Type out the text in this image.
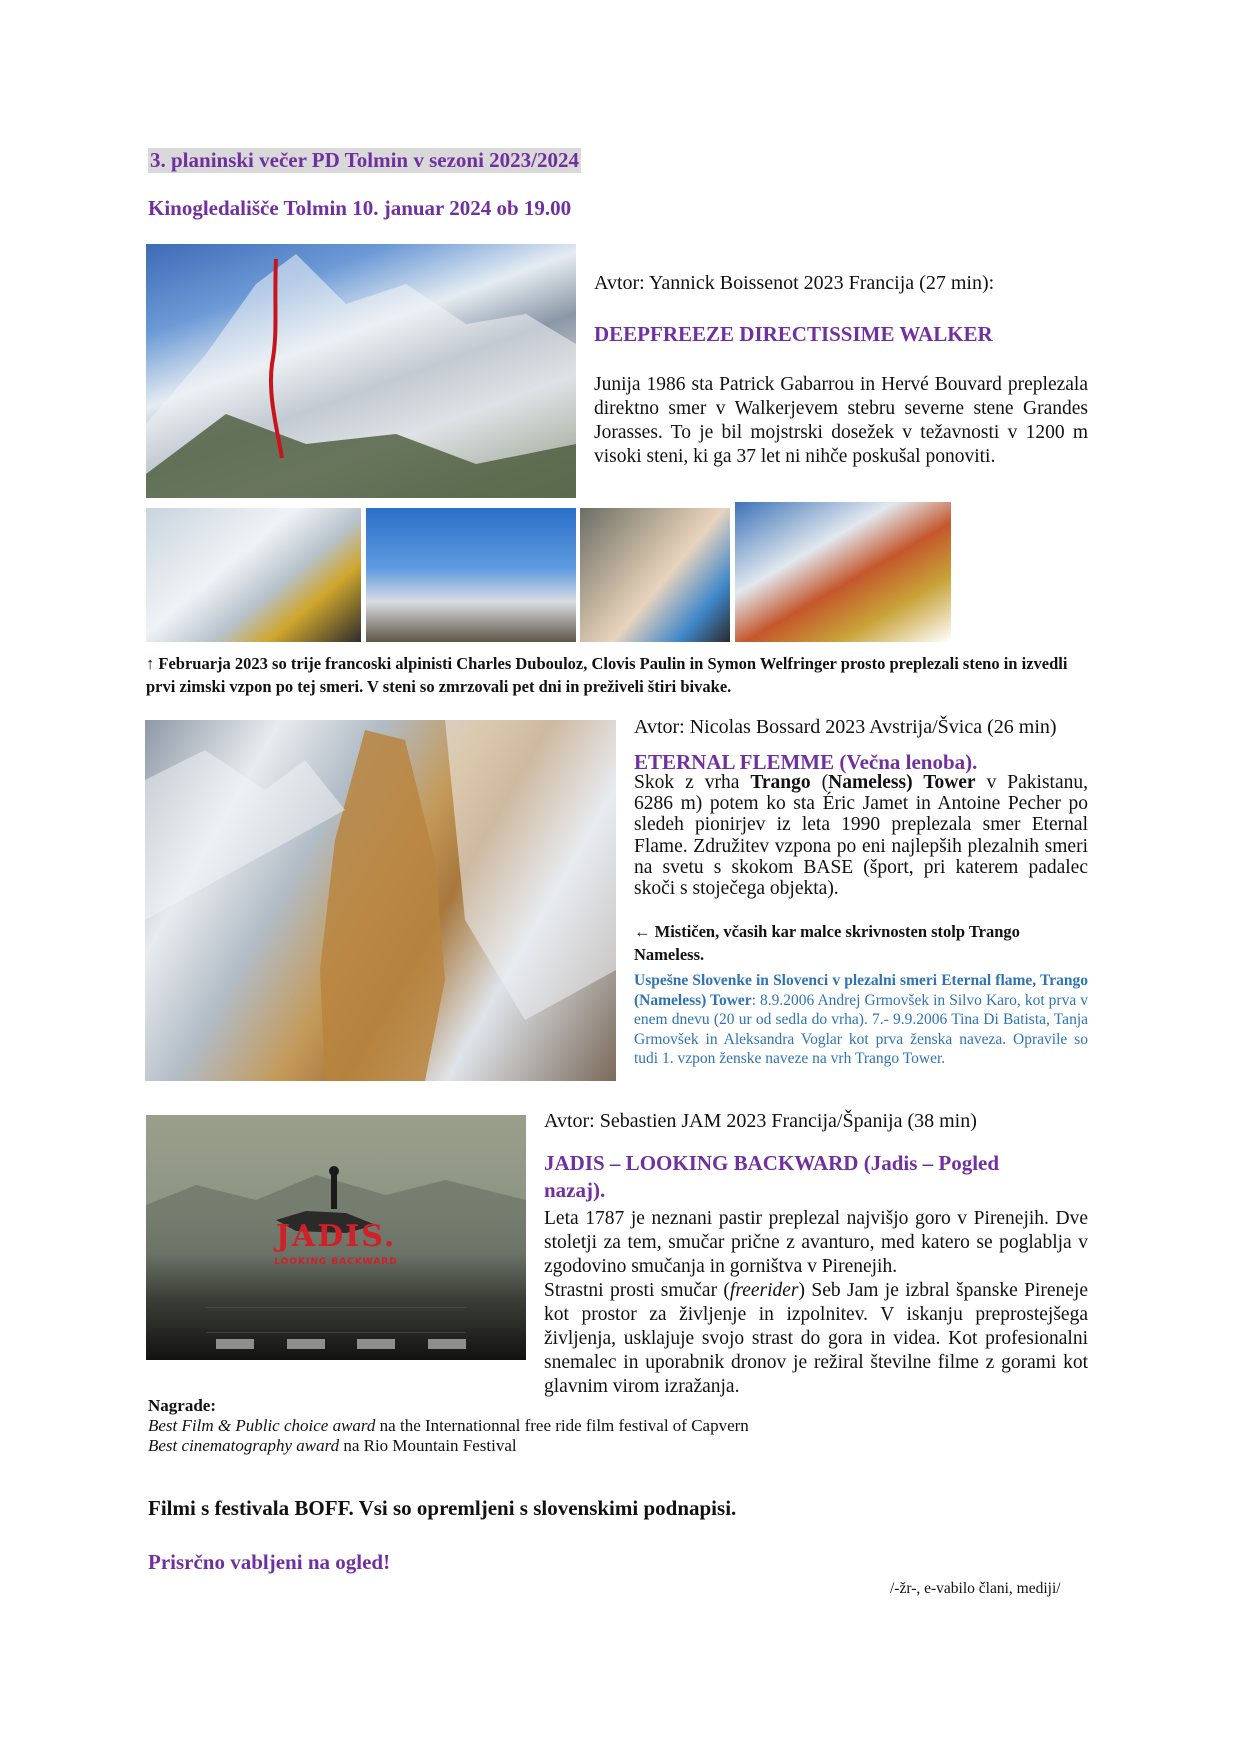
3. planinski večer PD Tolmin v sezoni 2023/2024
Kinogledališče Tolmin 10. januar 2024 ob 19.00
Avtor: Yannick Boissenot 2023 Francija (27 min):
DEEPFREEZE DIRECTISSIME WALKER
Junija 1986 sta Patrick Gabarrou in Hervé Bouvard preplezala direktno smer v Walkerjevem stebru severne stene Grandes Jorasses. To je bil mojstrski dosežek v težavnosti v 1200 m visoki steni, ki ga 37 let ni nihče poskušal ponoviti.
↑ Februarja 2023 so trije francoski alpinisti Charles Dubouloz, Clovis Paulin in Symon Welfringer prosto preplezali steno in izvedli prvi zimski vzpon po tej smeri. V steni so zmrzovali pet dni in preživeli štiri bivake.
Avtor: Nicolas Bossard 2023 Avstrija/Švica (26 min)
ETERNAL FLEMME (Večna lenoba).
Skok z vrha Trango (Nameless) Tower v Pakistanu, 6286 m) potem ko sta Éric Jamet in Antoine Pecher po sledeh pionirjev iz leta 1990 preplezala smer Eternal Flame. Združitev vzpona po eni najlepših plezalnih smeri na svetu s skokom BASE (šport, pri katerem padalec skoči s stoječega objekta).
← Mističen, včasih kar malce skrivnosten stolp Trango Nameless.
Uspešne Slovenke in Slovenci v plezalni smeri Eternal flame, Trango (Nameless) Tower: 8.9.2006 Andrej Grmovšek in Silvo Karo, kot prva v enem dnevu (20 ur od sedla do vrha). 7.- 9.9.2006 Tina Di Batista, Tanja Grmovšek in Aleksandra Voglar kot prva ženska naveza. Opravile so tudi 1. vzpon ženske naveze na vrh Trango Tower.
JADIS.
LOOKING BACKWARD
Avtor: Sebastien JAM 2023 Francija/Španija (38 min)
JADIS – LOOKING BACKWARD (Jadis – Pogled nazaj).
Leta 1787 je neznani pastir preplezal najvišjo goro v Pirenejih. Dve stoletji za tem, smučar prične z avanturo, med katero se poglablja v zgodovino smučanja in gorništva v Pirenejih.
Strastni prosti smučar (freerider) Seb Jam je izbral španske Pireneje kot prostor za življenje in izpolnitev. V iskanju preprostejšega življenja, usklajuje svojo strast do gora in videa. Kot profesionalni snemalec in uporabnik dronov je režiral številne filme z gorami kot glavnim virom izražanja.
Nagrade:
Best Film & Public choice award na the Internationnal free ride film festival of Capvern
Best cinematography award na Rio Mountain Festival
Filmi s festivala BOFF. Vsi so opremljeni s slovenskimi podnapisi.
Prisrčno vabljeni na ogled!
/-žr-, e-vabilo člani, mediji/
